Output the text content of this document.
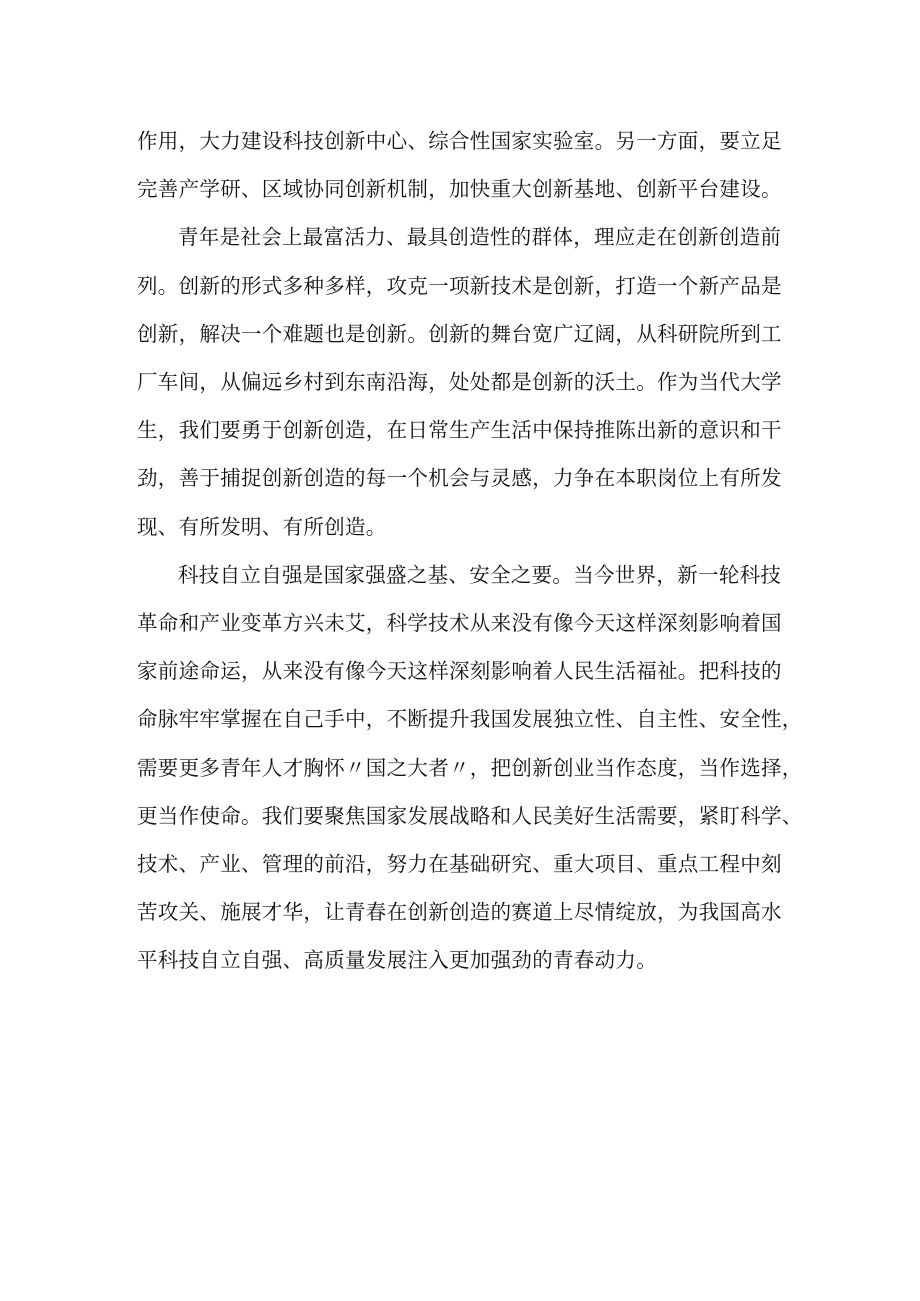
作用，大力建设科技创新中心、综合性国家实验室。另一方面，要立足
完善产学研、区域协同创新机制，加快重大创新基地、创新平台建设。

青年是社会上最富活力、最具创造性的群体，理应走在创新创造前
列。创新的形式多种多样，攻克一项新技术是创新，打造一个新产品是
创新，解决一个难题也是创新。创新的舞台宽广辽阔，从科研院所到工
厂车间，从偏远乡村到东南沿海，处处都是创新的沃土。作为当代大学
生，我们要勇于创新创造，在日常生产生活中保持推陈出新的意识和干
劲，善于捕捉创新创造的每一个机会与灵感，力争在本职岗位上有所发
现、有所发明、有所创造。

科技自立自强是国家强盛之基、安全之要。当今世界，新一轮科技
革命和产业变革方兴未艾，科学技术从来没有像今天这样深刻影响着国
家前途命运，从来没有像今天这样深刻影响着人民生活福祉。把科技的
命脉牢牢掌握在自己手中，不断提升我国发展独立性、自主性、安全性，
需要更多青年人才胸怀〃国之大者〃，把创新创业当作态度，当作选择，
更当作使命。我们要聚焦国家发展战略和人民美好生活需要，紧盯科学、
技术、产业、管理的前沿，努力在基础研究、重大项目、重点工程中刻
苦攻关、施展才华，让青春在创新创造的赛道上尽情绽放，为我国高水
平科技自立自强、高质量发展注入更加强劲的青春动力。
